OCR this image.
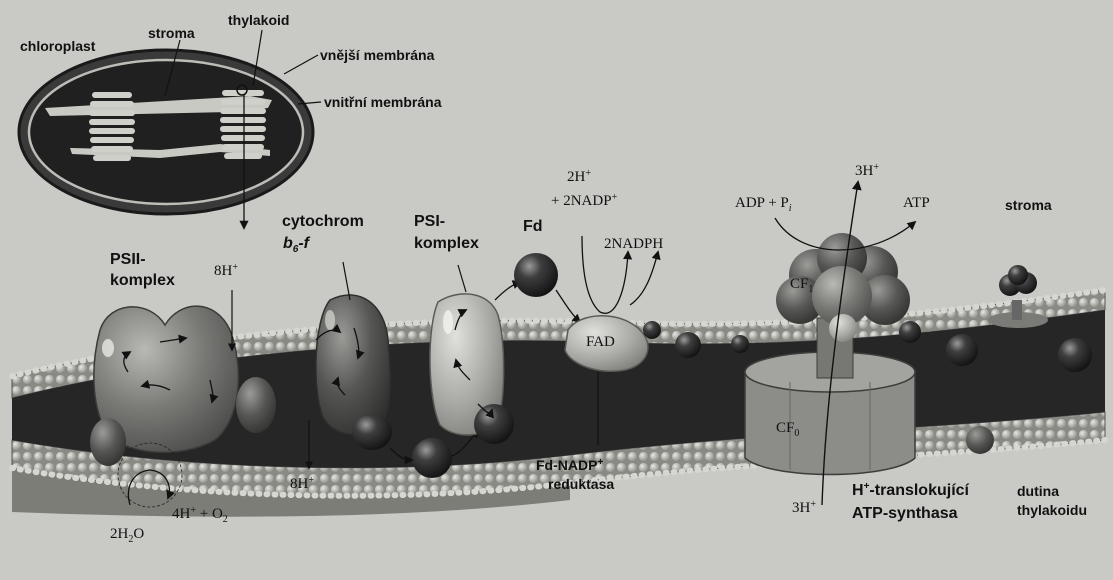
chloroplast
stroma
thylakoid
vnější membrána
vnitřní membrána
PSII-
komplex
cytochrom
$b_6-f$
PSI-
komplex
Fd
FAD
Fd-NADP+
reduktasa
8H+
8H+
2H+
+ 2NADP+
2NADPH
ADP + $P_i$	ATP
3H+
3H+
$CF_1$
$CF_0$
H+-translokující
ATP-synthasa
stroma
dutina
thylakoidu
$2H_2O$
$4H^+ + O_2$
